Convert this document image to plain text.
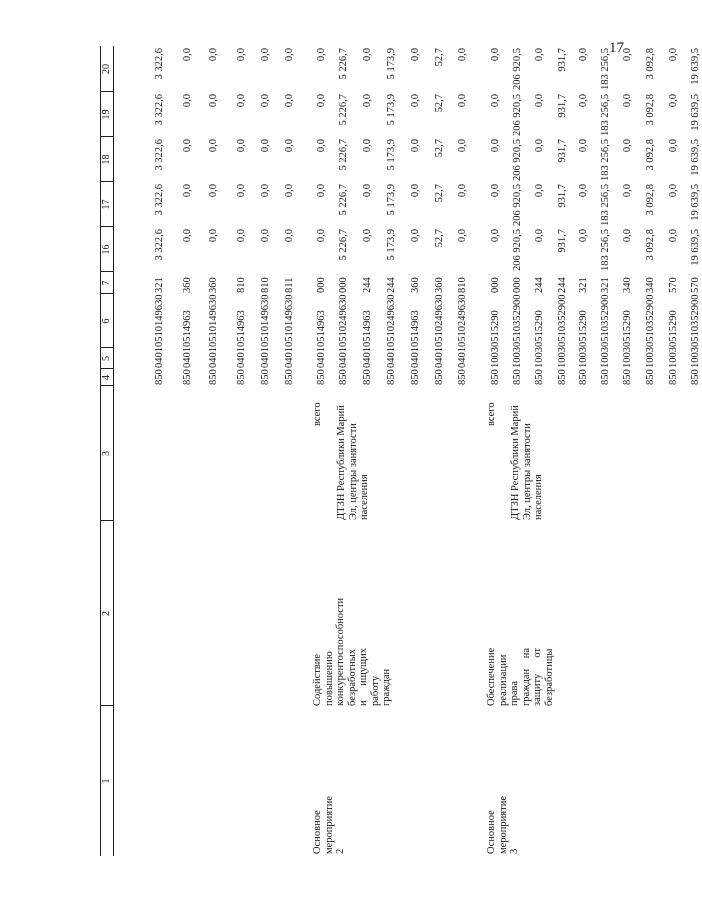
17
1
2
3
4
5
6
7
16
17
18
19
20
850
0401
0510149630
321
3 322,6
3 322,6
3 322,6
3 322,6
3 322,6
850
0401
0514963
360
0,0
0,0
0,0
0,0
0,0
850
0401
0510149630
360
0,0
0,0
0,0
0,0
0,0
850
0401
0514963
810
0,0
0,0
0,0
0,0
0,0
850
0401
0510149630
810
0,0
0,0
0,0
0,0
0,0
850
0401
0510149630
811
0,0
0,0
0,0
0,0
0,0
850
0401
0514963
000
0,0
0,0
0,0
0,0
0,0
850
0401
0510249630
000
5 226,7
5 226,7
5 226,7
5 226,7
5 226,7
850
0401
0514963
244
0,0
0,0
0,0
0,0
0,0
850
0401
0510249630
244
5 173,9
5 173,9
5 173,9
5 173,9
5 173,9
850
0401
0514963
360
0,0
0,0
0,0
0,0
0,0
850
0401
0510249630
360
52,7
52,7
52,7
52,7
52,7
850
0401
0510249630
810
0,0
0,0
0,0
0,0
0,0
Основное мероприятие 2
Содействие повышению конкурентоспособности безработных и ищущих работу граждан
всего ДТЗН Республики Марий Эл, центры занятости населения
850
1003
0515290
000
0,0
0,0
0,0
0,0
0,0
850
1003
0510352900
000
206 920,5
206 920,5
206 920,5
206 920,5
206 920,5
850
1003
0515290
244
0,0
0,0
0,0
0,0
0,0
850
1003
0510352900
244
931,7
931,7
931,7
931,7
931,7
850
1003
0515290
321
0,0
0,0
0,0
0,0
0,0
850
1003
0510352900
321
183 256,5
183 256,5
183 256,5
183 256,5
183 256,5
850
1003
0515290
340
0,0
0,0
0,0
0,0
0,0
850
1003
0510352900
340
3 092,8
3 092,8
3 092,8
3 092,8
3 092,8
850
1003
0515290
570
0,0
0,0
0,0
0,0
0,0
850
1003
0510352900
570
19 639,5
19 639,5
19 639,5
19 639,5
19 639,5
Основное мероприятие 3
Обеспечение реализации права граждан на защиту от безработицы
всего ДТЗН Республики Марий Эл, центры занятости населения
